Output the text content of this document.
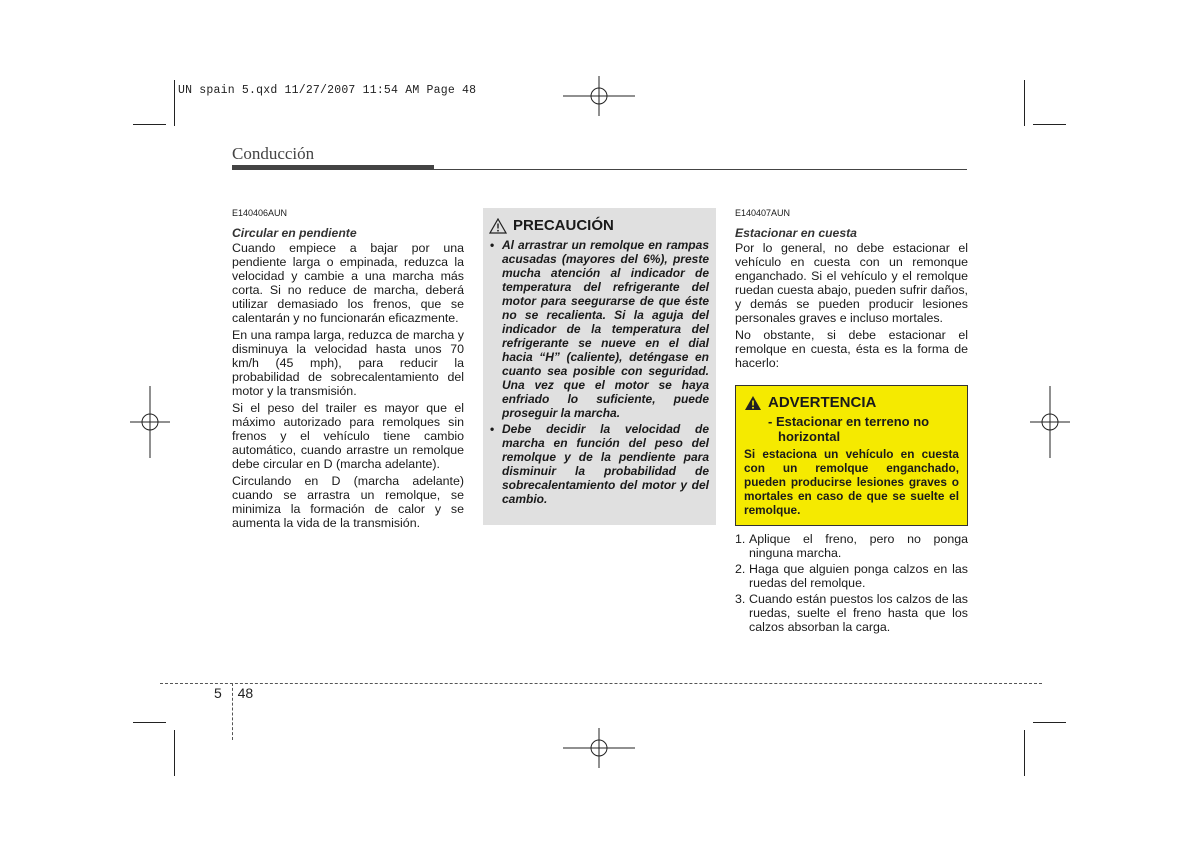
UN spain 5.qxd 11/27/2007 11:54 AM Page 48
Conducción
E140406AUN
Circular en pendiente

Cuando empiece a bajar por una pendiente larga o empinada, reduzca la velocidad y cambie a una marcha más corta. Si no reduce de marcha, deberá utilizar demasiado los frenos, que se calentarán y no funcionarán eficazmente.

En una rampa larga, reduzca de marcha y disminuya la velocidad hasta unos 70 km/h (45 mph), para reducir la probabilidad de sobrecalentamiento del motor y la transmisión.

Si el peso del trailer es mayor que el máximo autorizado para remolques sin frenos y el vehículo tiene cambio automático, cuando arrastre un remolque debe circular en D (marcha adelante).

Circulando en D (marcha adelante) cuando se arrastra un remolque, se minimiza la formación de calor y se aumenta la vida de la transmisión.

PRECAUCIÓN
• Al arrastrar un remolque en rampas acusadas (mayores del 6%), preste mucha atención al indicador de temperatura del refrigerante del motor para seegurarse de que éste no se recalienta. Si la aguja del indicador de la temperatura del refrigerante se nueve en el dial hacia “H” (caliente), deténgase en cuanto sea posible con seguridad. Una vez que el motor se haya enfriado lo suficiente, puede proseguir la marcha.
• Debe decidir la velocidad de marcha en función del peso del remolque y de la pendiente para disminuir la probabilidad de sobrecalentamiento del motor y del cambio.
E140407AUN
Estacionar en cuesta

Por lo general, no debe estacionar el vehículo en cuesta con un remonque enganchado. Si el vehículo y el remolque ruedan cuesta abajo, pueden sufrir daños, y demás se pueden producir lesiones personales graves e incluso mortales.

No obstante, si debe estacionar el remolque en cuesta, ésta es la forma de hacerlo:

ADVERTENCIA
- Estacionar en terreno no horizontal
Si estaciona un vehículo en cuesta con un remolque enganchado, pueden producirse lesiones graves o mortales en caso de que se suelte el remolque.
1. Aplique el freno, pero no ponga ninguna marcha.
2. Haga que alguien ponga calzos en las ruedas del remolque.
3. Cuando están puestos los calzos de las ruedas, suelte el freno hasta que los calzos absorban la carga.
5 48
